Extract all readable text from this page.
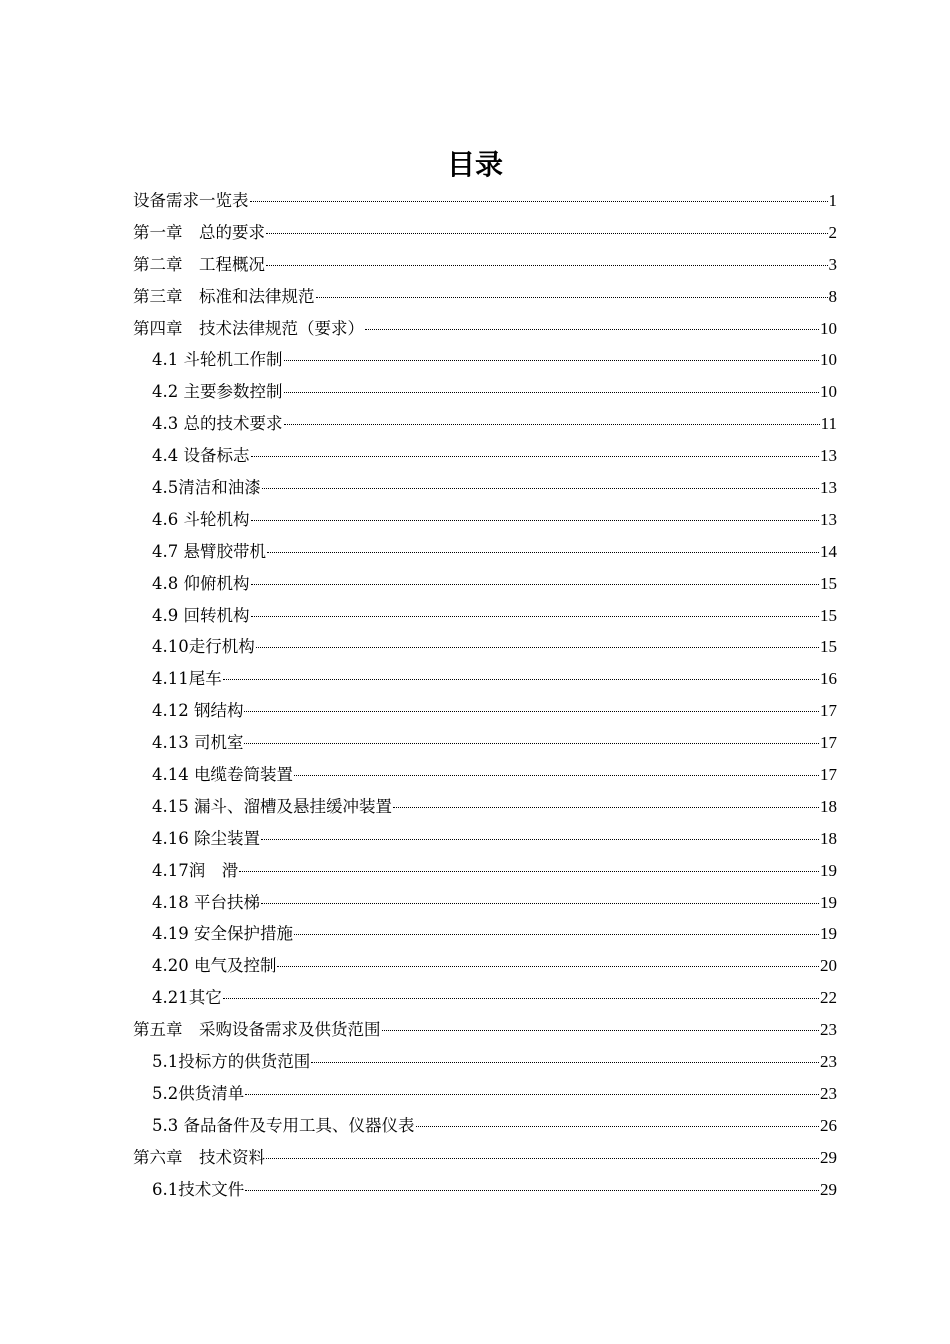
目录
设备需求一览表	1
第一章　总的要求	2
第二章　工程概况	3
第三章　标准和法律规范	8
第四章　技术法律规范（要求）	10
4.1 斗轮机工作制	10
4.2 主要参数控制	10
4.3 总的技术要求	11
4.4 设备标志	13
4.5清洁和油漆	13
4.6 斗轮机构	13
4.7 悬臂胶带机	14
4.8 仰俯机构	15
4.9 回转机构	15
4.10走行机构	15
4.11尾车	16
4.12 钢结构	17
4.13 司机室	17
4.14 电缆卷筒装置	17
4.15 漏斗、溜槽及悬挂缓冲装置	18
4.16 除尘装置	18
4.17润　滑	19
4.18 平台扶梯	19
4.19 安全保护措施	19
4.20 电气及控制	20
4.21其它	22
第五章　采购设备需求及供货范围	23
5.1投标方的供货范围	23
5.2供货清单	23
5.3 备品备件及专用工具、仪器仪表	26
第六章　技术资料	29
6.1技术文件	29
